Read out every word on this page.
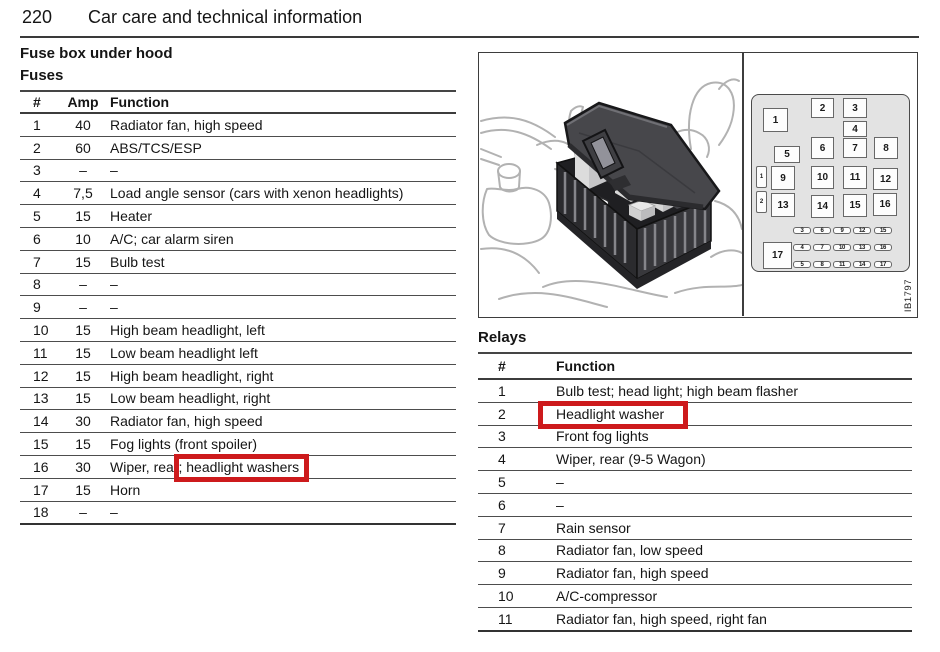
220 Car care and technical information
Fuse box under hood
Fuses
#	Amp Function
1	40	Radiator fan, high speed
2	60	ABS/TCS/ESP
3	–	–
4	7,5	Load angle sensor (cars with xenon headlights)
5	15	Heater
6	10	A/C; car alarm siren
7	15	Bulb test
8	–	–
9	–	–
10	15	High beam headlight, left
11	15	Low beam headlight left
12	15	High beam headlight, right
13	15	Low beam headlight, right
14	30	Radiator fan, high speed
15	15	Fog lights (front spoiler)
16	30	Wiper, rear; headlight washers
17	15	Horn
18	–	–
1
2	3
4
5
6	7	8
9	10	11	12
13	14	15	16
17
1
2
3	6	9	12	15
4	7	10	13	16
5	8	11	14	17
IB1797
Relays
#	Function
1	Bulb test; head light; high beam flasher
2	Headlight washer
3	Front fog lights
4	Wiper, rear (9-5 Wagon)
5	–
6	–
7	Rain sensor
8	Radiator fan, low speed
9	Radiator fan, high speed
10	A/C-compressor
11	Radiator fan, high speed, right fan
